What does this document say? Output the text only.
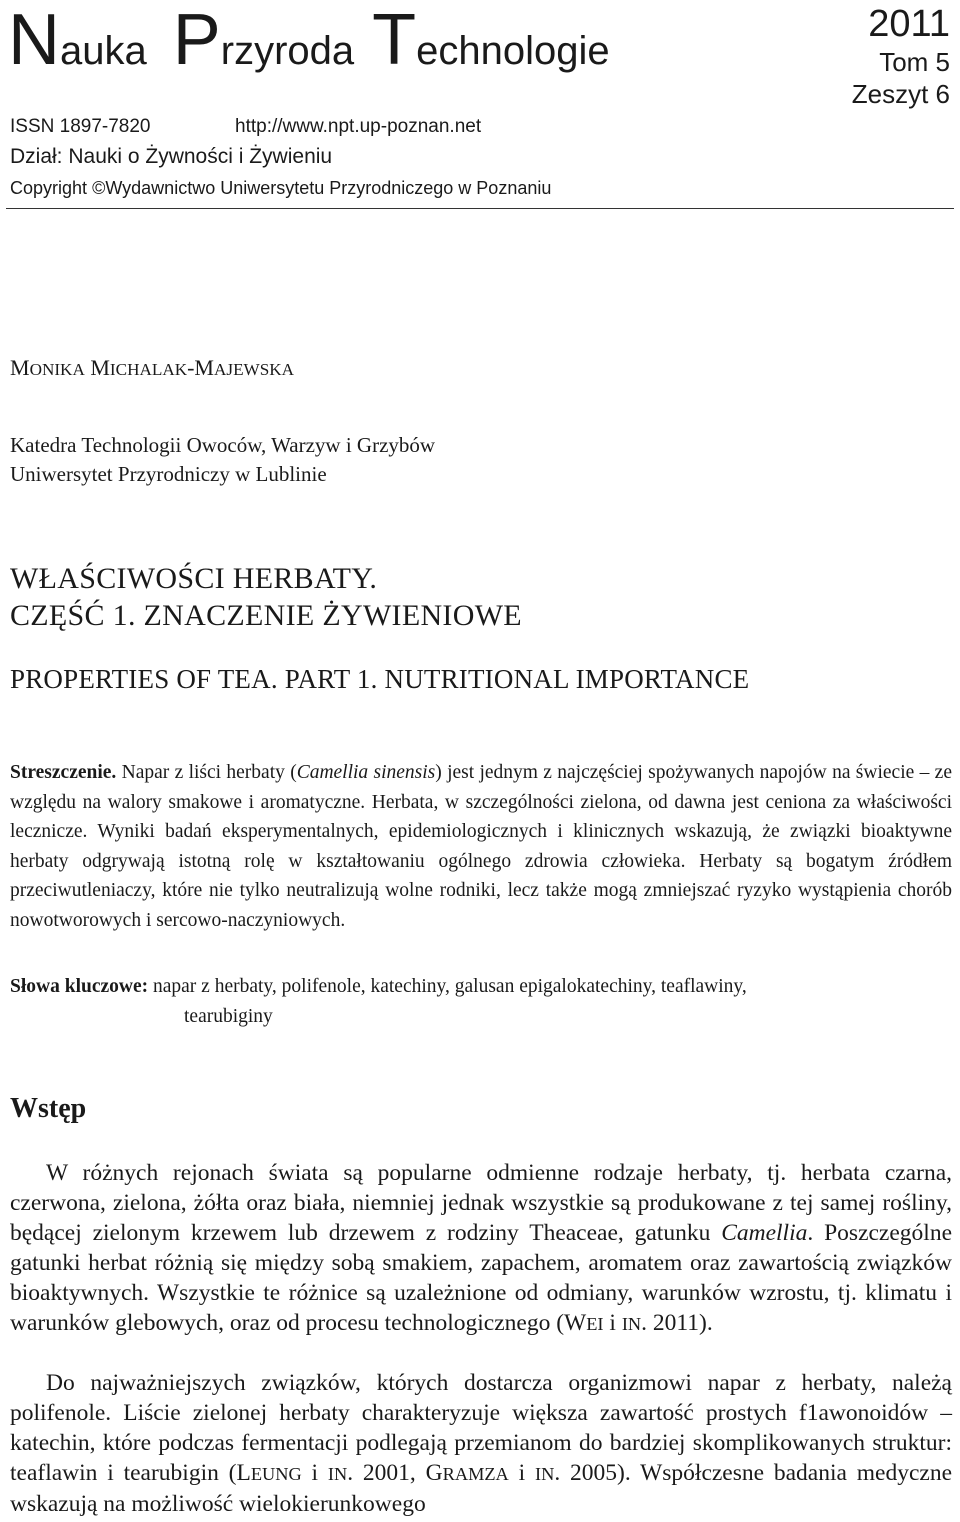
Nauka Przyroda Technologie
2011
Tom 5
Zeszyt 6
ISSN 1897-7820	http://www.npt.up-poznan.net
Dział: Nauki o Żywności i Żywieniu
Copyright ©Wydawnictwo Uniwersytetu Przyrodniczego w Poznaniu
MONIKA MICHALAK-MAJEWSKA
Katedra Technologii Owoców, Warzyw i Grzybów
Uniwersytet Przyrodniczy w Lublinie
WŁAŚCIWOŚCI HERBATY.
CZĘŚĆ 1. ZNACZENIE ŻYWIENIOWE
PROPERTIES OF TEA. PART 1. NUTRITIONAL IMPORTANCE
Streszczenie. Napar z liści herbaty (Camellia sinensis) jest jednym z najczęściej spożywanych napojów na świecie – ze względu na walory smakowe i aromatyczne. Herbata, w szczególności zielona, od dawna jest ceniona za właściwości lecznicze. Wyniki badań eksperymentalnych, epidemiologicznych i klinicznych wskazują, że związki bioaktywne herbaty odgrywają istotną rolę w kształtowaniu ogólnego zdrowia człowieka. Herbaty są bogatym źródłem przeciwutleniaczy, które nie tylko neutralizują wolne rodniki, lecz także mogą zmniejszać ryzyko wystąpienia chorób nowotworowych i sercowo-naczyniowych.
Słowa kluczowe: napar z herbaty, polifenole, katechiny, galusan epigalokatechiny, teaflawiny,
tearubiginy
Wstęp
W różnych rejonach świata są popularne odmienne rodzaje herbaty, tj. herbata czarna, czerwona, zielona, żółta oraz biała, niemniej jednak wszystkie są produkowane z tej samej rośliny, będącej zielonym krzewem lub drzewem z rodziny Theaceae, gatunku Camellia. Poszczególne gatunki herbat różnią się między sobą smakiem, zapachem, aromatem oraz zawartością związków bioaktywnych. Wszystkie te różnice są uzależnione od odmiany, warunków wzrostu, tj. klimatu i warunków glebowych, oraz od procesu technologicznego (WEI i IN. 2011).
Do najważniejszych związków, których dostarcza organizmowi napar z herbaty, należą polifenole. Liście zielonej herbaty charakteryzuje większa zawartość prostych f1awonoidów – katechin, które podczas fermentacji podlegają przemianom do bardziej skomplikowanych struktur: teaflawin i tearubigin (LEUNG i IN. 2001, GRAMZA i IN. 2005). Współczesne badania medyczne wskazują na możliwość wielokierunkowego
